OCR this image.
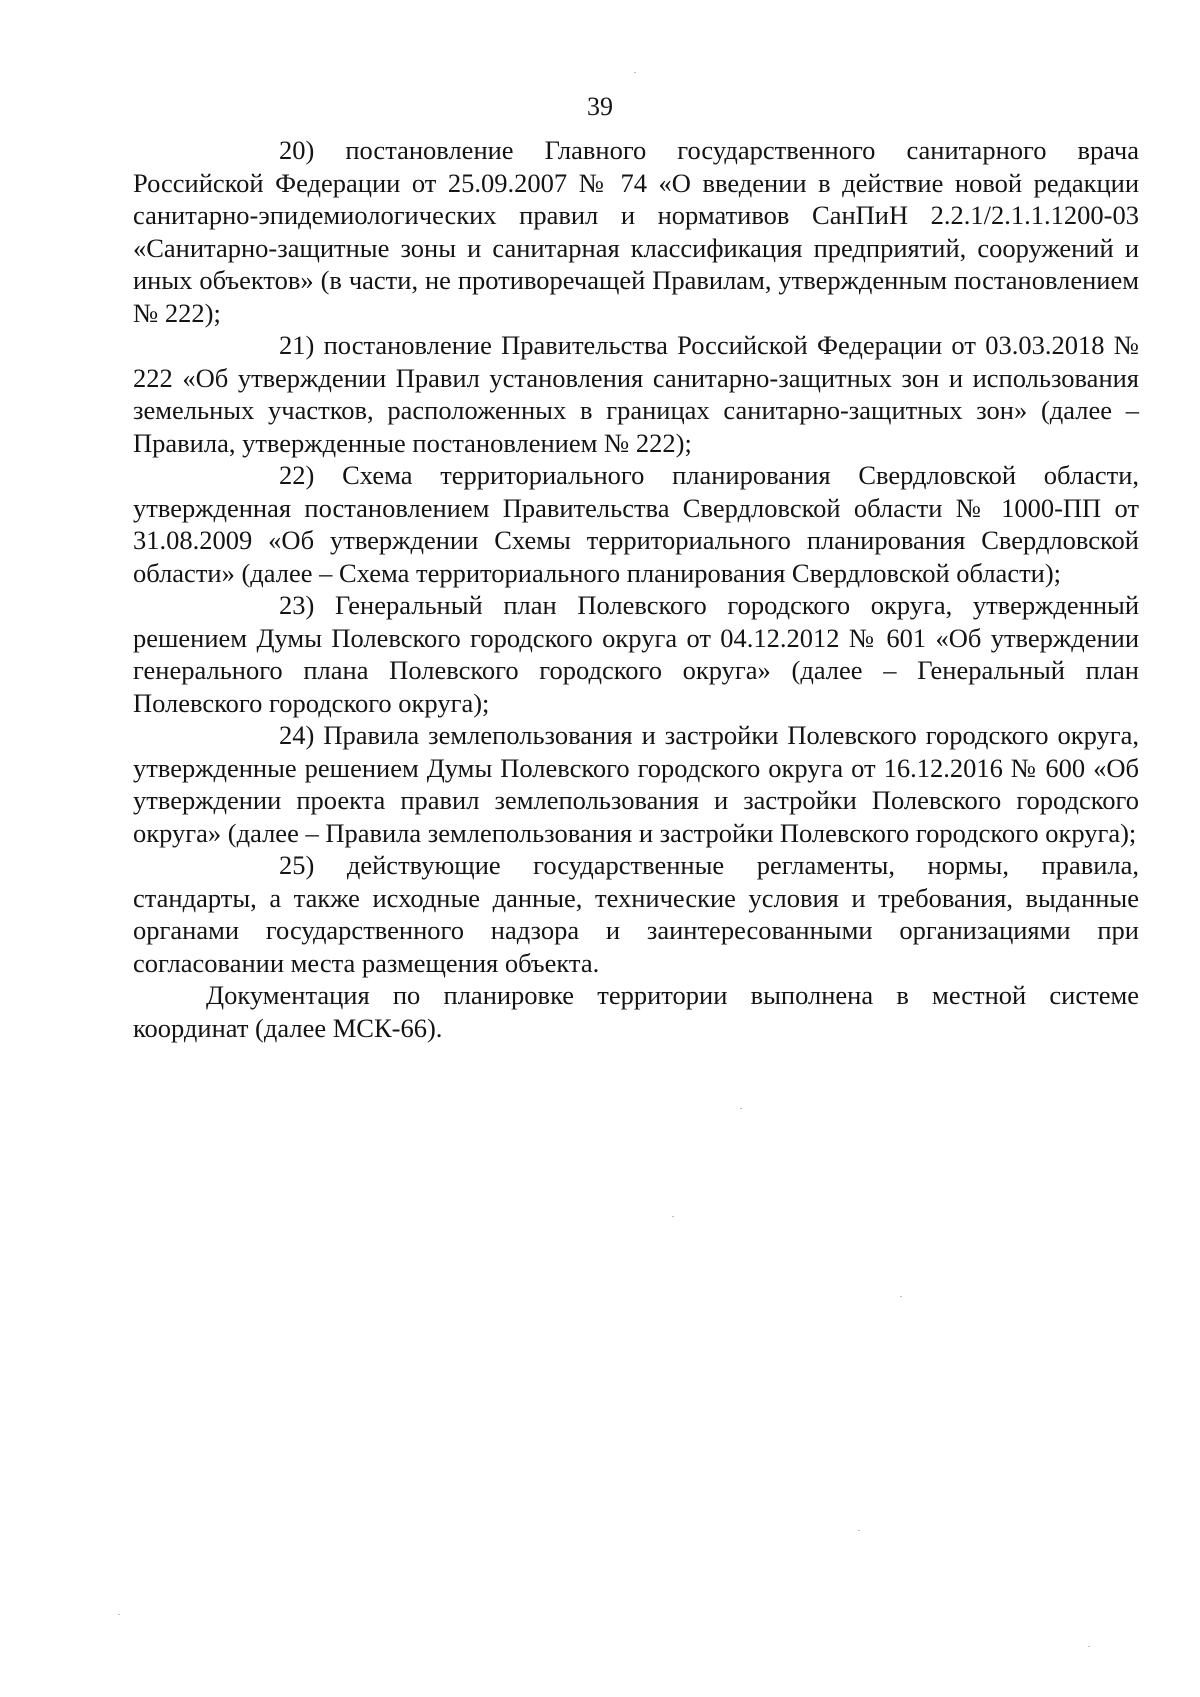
39

20) постановление Главного государственного санитарного врача Российской Федерации от 25.09.2007 № 74 «О введении в действие новой редакции санитарно-эпидемиологических правил и нормативов СанПиН 2.2.1/2.1.1.1200-03 «Санитарно-защитные зоны и санитарная классификация предприятий, сооружений и иных объектов» (в части, не противоречащей Правилам, утвержденным постановлением № 222);

21) постановление Правительства Российской Федерации от 03.03.2018 № 222 «Об утверждении Правил установления санитарно-защитных зон и использования земельных участков, расположенных в границах санитарно-защитных зон» (далее – Правила, утвержденные постановлением № 222);

22) Схема территориального планирования Свердловской области, утвержденная постановлением Правительства Свердловской области № 1000-ПП от 31.08.2009 «Об утверждении Схемы территориального планирования Свердловской области» (далее – Схема территориального планирования Свердловской области);

23) Генеральный план Полевского городского округа, утвержденный решением Думы Полевского городского округа от 04.12.2012 № 601 «Об утверждении генерального плана Полевского городского округа» (далее – Генеральный план Полевского городского округа);

24) Правила землепользования и застройки Полевского городского округа, утвержденные решением Думы Полевского городского округа от 16.12.2016 № 600 «Об утверждении проекта правил землепользования и застройки Полевского городского округа» (далее – Правила землепользования и застройки Полевского городского округа);

25) действующие государственные регламенты, нормы, правила, стандарты, а также исходные данные, технические условия и требования, выданные органами государственного надзора и заинтересованными организациями при согласовании места размещения объекта.

Документация по планировке территории выполнена в местной системе координат (далее МСК-66).
